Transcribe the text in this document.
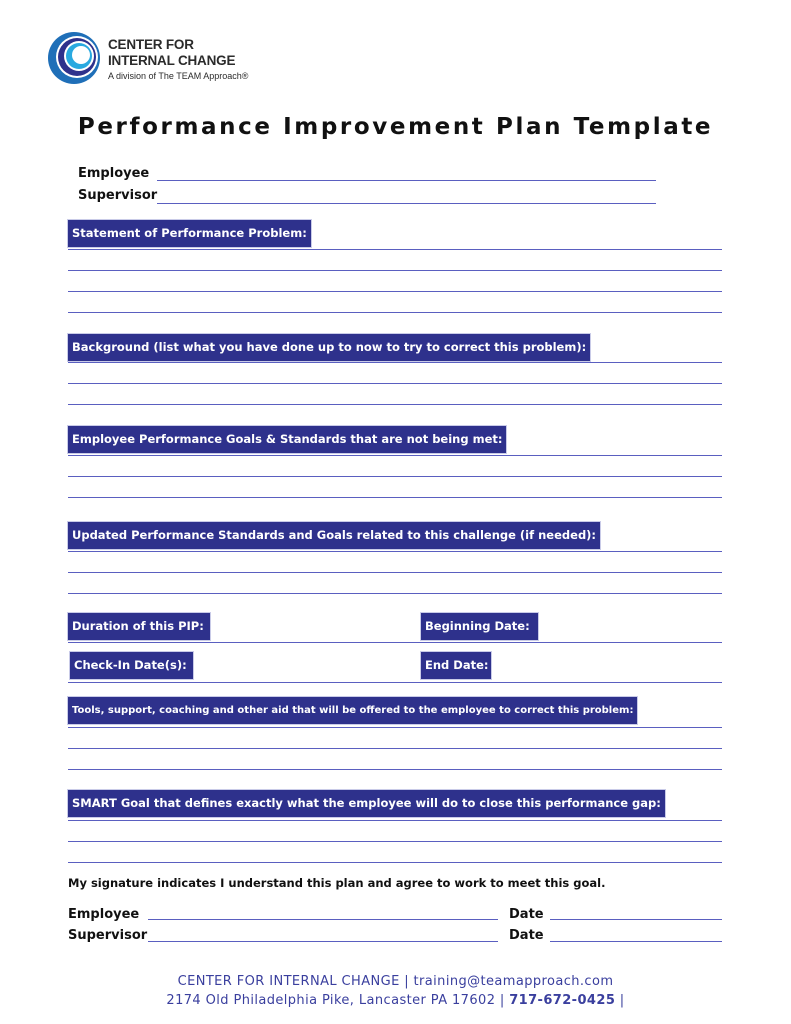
CENTER FOR
INTERNAL CHANGE
A division of The TEAM Approach®
Performance Improvement Plan Template
Employee
Supervisor
Statement of Performance Problem:
Background (list what you have done up to now to try to correct this problem):
Employee Performance Goals & Standards that are not being met:
Updated Performance Standards and Goals related to this challenge (if needed):
Duration of this PIP:	Beginning Date:
Check-In Date(s):	End Date:
Tools, support, coaching and other aid that will be offered to the employee to correct this problem:
SMART Goal that defines exactly what the employee will do to close this performance gap:
My signature indicates I understand this plan and agree to work to meet this goal.
Employee	Date
Supervisor	Date
CENTER FOR INTERNAL CHANGE | training@teamapproach.com
2174 Old Philadelphia Pike, Lancaster PA 17602 | 717-672-0425 |
